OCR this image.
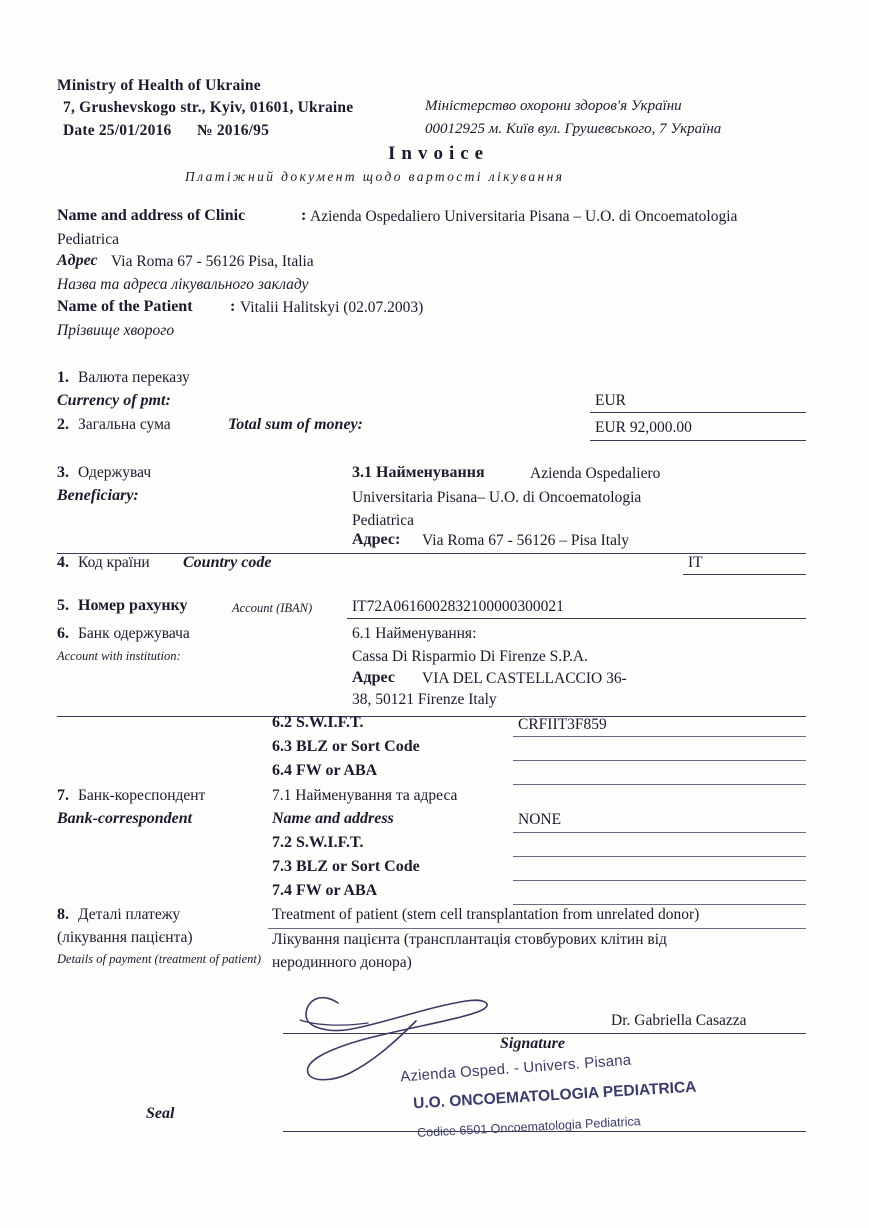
Ministry of Health of Ukraine
7, Grushevskogo str., Kyiv, 01601, Ukraine
Date 25/01/2016 № 2016/95
Міністерство охорони здоров'я України
00012925 м. Київ вул. Грушевського, 7 Україна
Invoice
Платіжний документ щодо вартості лікування
Name and address of Clinic	: Azienda Ospedaliero Universitaria Pisana – U.O. di Oncoematologia
Pediatrica
Адрес Via Roma 67 - 56126 Pisa, Italia
Назва та адреса лікувального закладу
Name of the Patient : Vitalii Halitskyi (02.07.2003)
Прізвище хворого
1. Валюта переказу
Currency of pmt:	EUR
2. Загальна сума	Total sum of money:	EUR 92,000.00
3. Одержувач
Beneficiary:
3.1 Найменування	Azienda Ospedaliero
Universitaria Pisana– U.O. di Oncoematologia
Pediatrica
Адрес: Via Roma 67 - 56126 – Pisa Italy
4. Код країни Country code	IT
5. Номер рахунку	Account (IBAN)	IT72A0616002832100000300021
6. Банк одержувача
Account with institution:
6.1 Найменування:
Cassa Di Risparmio Di Firenze S.P.A.
Адрес VIA DEL CASTELLACCIO 36-
38, 50121 Firenze Italy
6.2 S.W.I.F.T.	CRFIIT3F859
6.3 BLZ or Sort Code
6.4 FW or ABA
7. Банк-кореспондент
Bank-correspondent
7.1 Найменування та адреса
Name and address	NONE
7.2 S.W.I.F.T.
7.3 BLZ or Sort Code
7.4 FW or ABA
8. Деталі платежу
(лікування пацієнта)
Details of payment (treatment of patient)
Treatment of patient (stem cell transplantation from unrelated donor)
Лікування пацієнта (трансплантація стовбурових клітин від
неродинного донора)
Dr. Gabriella Casazza
Signature
Azienda Osped. - Univers. Pisana
U.O. ONCOEMATOLOGIA PEDIATRICA
Codice 6501 Oncoematologia Pediatrica
Seal
